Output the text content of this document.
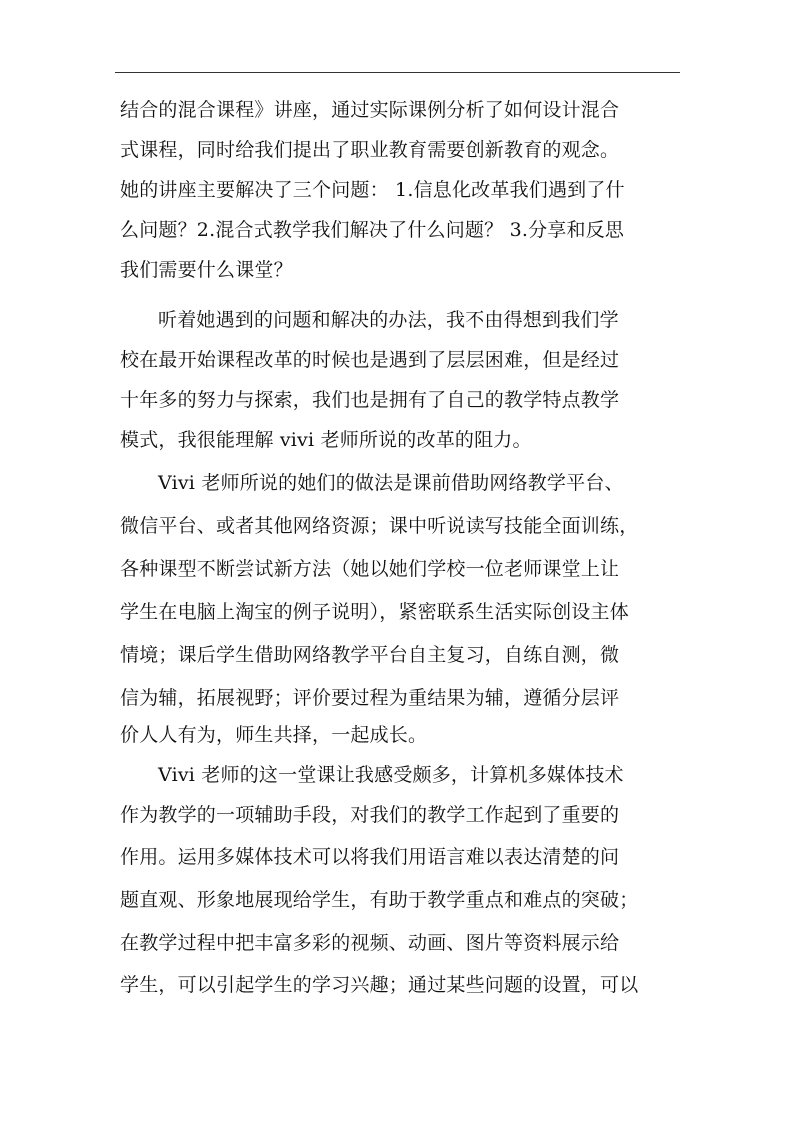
结合的混合课程》讲座，通过实际课例分析了如何设计混合
式课程，同时给我们提出了职业教育需要创新教育的观念。
她的讲座主要解决了三个问题： 1.信息化改革我们遇到了什
么问题？2.混合式教学我们解决了什么问题？ 3.分享和反思
我们需要什么课堂？
听着她遇到的问题和解决的办法，我不由得想到我们学
校在最开始课程改革的时候也是遇到了层层困难，但是经过
十年多的努力与探索，我们也是拥有了自己的教学特点教学
模式，我很能理解 vivi 老师所说的改革的阻力。
Vivi 老师所说的她们的做法是课前借助网络教学平台、
微信平台、或者其他网络资源；课中听说读写技能全面训练，
各种课型不断尝试新方法（她以她们学校一位老师课堂上让
学生在电脑上淘宝的例子说明），紧密联系生活实际创设主体
情境；课后学生借助网络教学平台自主复习，自练自测，微
信为辅，拓展视野；评价要过程为重结果为辅，遵循分层评
价人人有为，师生共择，一起成长。
Vivi 老师的这一堂课让我感受颇多，计算机多媒体技术
作为教学的一项辅助手段，对我们的教学工作起到了重要的
作用。运用多媒体技术可以将我们用语言难以表达清楚的问
题直观、形象地展现给学生，有助于教学重点和难点的突破；
在教学过程中把丰富多彩的视频、动画、图片等资料展示给
学生，可以引起学生的学习兴趣；通过某些问题的设置，可以
